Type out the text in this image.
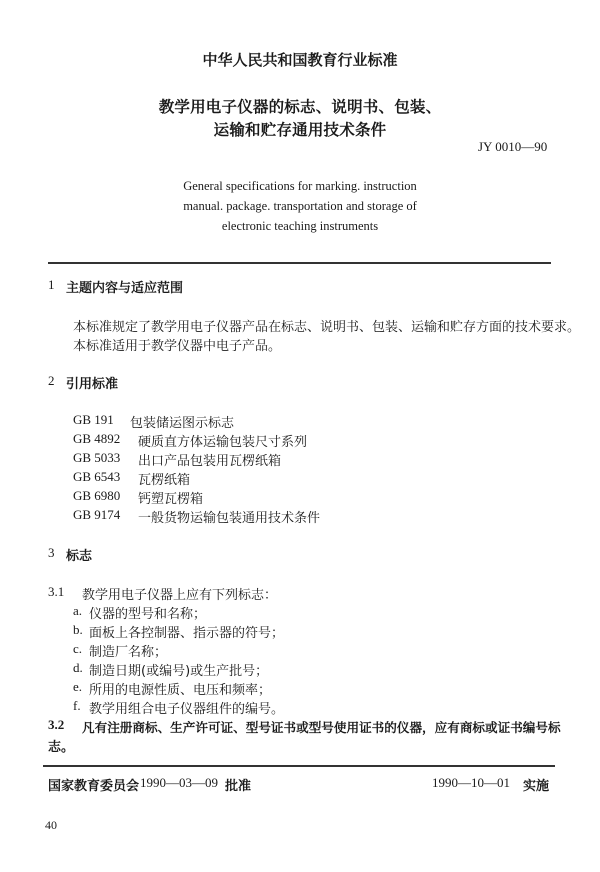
中华人民共和国教育行业标准
教学用电子仪器的标志、说明书、包装、
运输和贮存通用技术条件
JY 0010—90
General specifications for marking. instruction
manual. package. transportation and storage of
electronic teaching instruments
1 主题内容与适应范围
本标准规定了教学用电子仪器产品在标志、说明书、包装、运输和贮存方面的技术要求。
本标准适用于教学仪器中电子产品。
2 引用标准
GB 191 包装储运图示标志
GB 4892 硬质直方体运输包装尺寸系列
GB 5033 出口产品包装用瓦楞纸箱
GB 6543 瓦楞纸箱
GB 6980 钙塑瓦楞箱
GB 9174 一般货物运输包装通用技术条件
3 标志
3.1 教学用电子仪器上应有下列标志：
a. 仪器的型号和名称；
b. 面板上各控制器、指示器的符号；
c. 制造厂名称；
d. 制造日期(或编号)或生产批号；
e. 所用的电源性质、电压和频率；
f. 教学用组合电子仪器组件的编号。
3.2 凡有注册商标、生产许可证、型号证书或型号使用证书的仪器，应有商标或证书编号标
志。
国家教育委员会 1990—03—09 批准	1990—10—01 实施
40
